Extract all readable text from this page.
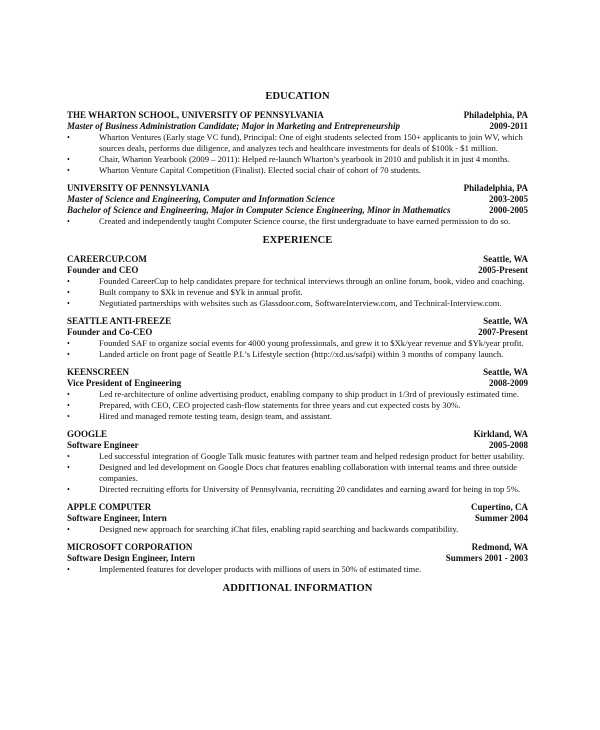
EDUCATION
THE WHARTON SCHOOL, UNIVERSITY OF PENNSYLVANIA	Philadelphia, PA
Master of Business Administration Candidate; Major in Marketing and Entrepreneurship	2009-2011
• Wharton Ventures (Early stage VC fund), Principal: One of eight students selected from 150+ applicants to join WV, which sources deals, performs due diligence, and analyzes tech and healthcare investments for deals of $100k - $1 million.
• Chair, Wharton Yearbook (2009 – 2011): Helped re-launch Wharton’s yearbook in 2010 and publish it in just 4 months.
• Wharton Venture Capital Competition (Finalist). Elected social chair of cohort of 70 students.
UNIVERSITY OF PENNSYLVANIA	Philadelphia, PA
Master of Science and Engineering, Computer and Information Science	2003-2005
Bachelor of Science and Engineering, Major in Computer Science Engineering, Minor in Mathematics	2000-2005
• Created and independently taught Computer Science course, the first undergraduate to have earned permission to do so.
EXPERIENCE
CAREERCUP.COM	Seattle, WA
Founder and CEO	2005-Present
• Founded CareerCup to help candidates prepare for technical interviews through an online forum, book, video and coaching.
• Built company to $Xk in revenue and $Yk in annual profit.
• Negotiated partnerships with websites such as Glassdoor.com, SoftwareInterview.com, and Technical-Interview.com.
SEATTLE ANTI-FREEZE	Seattle, WA
Founder and Co-CEO	2007-Present
• Founded SAF to organize social events for 4000 young professionals, and grew it to $Xk/year revenue and $Yk/year profit.
• Landed article on front page of Seattle P.I.’s Lifestyle section (http://xd.us/safpi) within 3 months of company launch.
KEENSCREEN	Seattle, WA
Vice President of Engineering	2008-2009
• Led re-architecture of online advertising product, enabling company to ship product in 1/3rd of previously estimated time.
• Prepared, with CEO, CEO projected cash-flow statements for three years and cut expected costs by 30%.
• Hired and managed remote testing team, design team, and assistant.
GOOGLE	Kirkland, WA
Software Engineer	2005-2008
• Led successful integration of Google Talk music features with partner team and helped redesign product for better usability.
• Designed and led development on Google Docs chat features enabling collaboration with internal teams and three outside companies.
• Directed recruiting efforts for University of Pennsylvania, recruiting 20 candidates and earning award for being in top 5%.
APPLE COMPUTER	Cupertino, CA
Software Engineer, Intern	Summer 2004
• Designed new approach for searching iChat files, enabling rapid searching and backwards compatibility.
MICROSOFT CORPORATION	Redmond, WA
Software Design Engineer, Intern	Summers 2001 - 2003
• Implemented features for developer products with millions of users in 50% of estimated time.
ADDITIONAL INFORMATION
